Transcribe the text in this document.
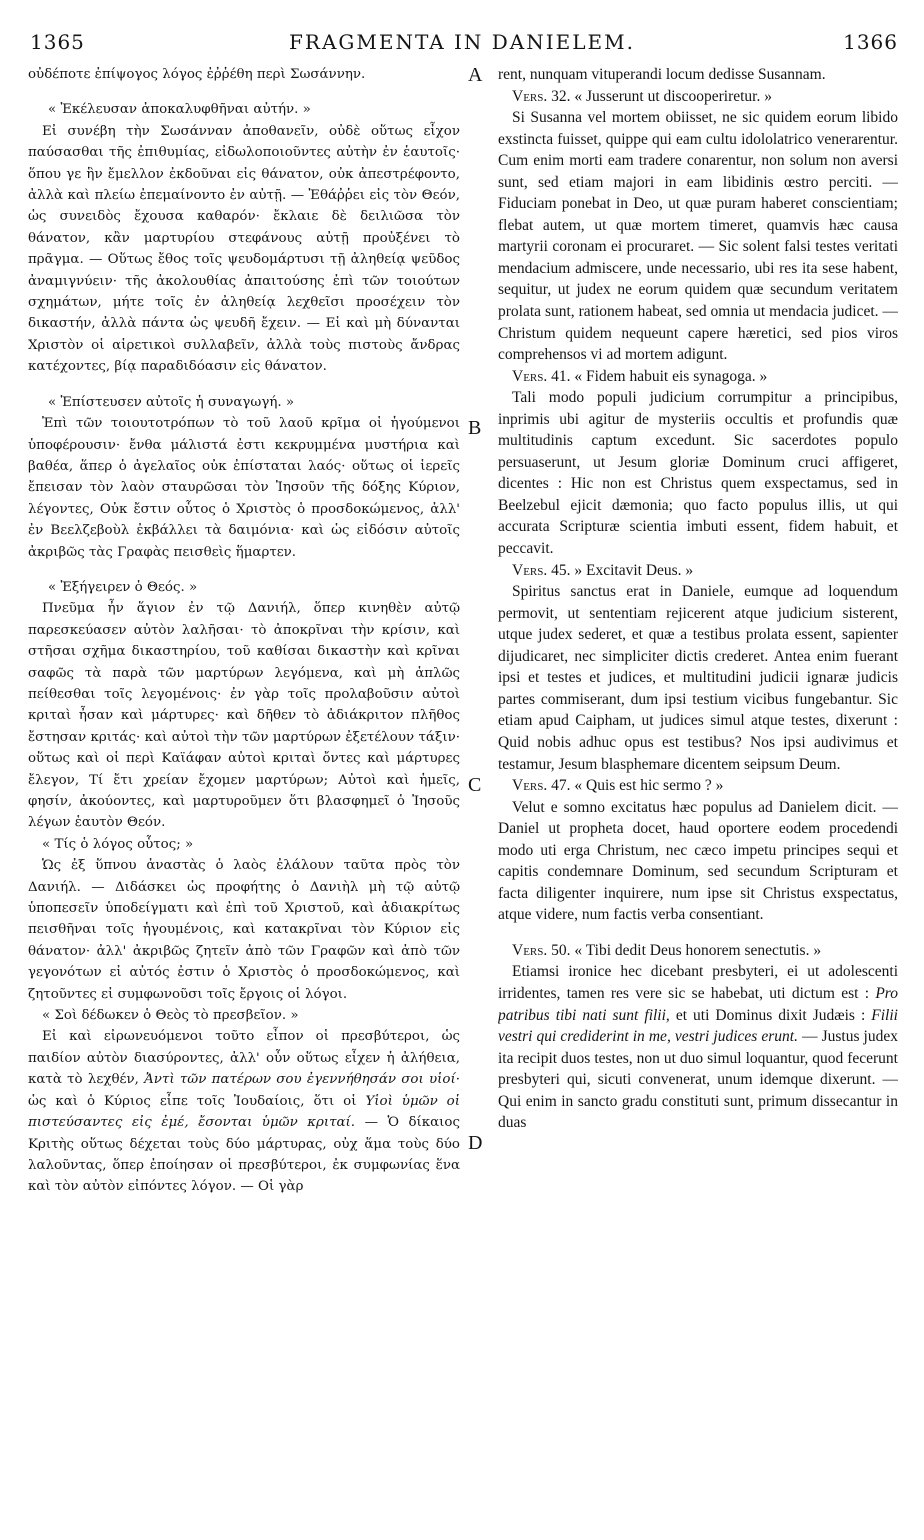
1365	FRAGMENTA IN DANIELEM.	1366

οὐδέποτε ἐπίψογος λόγος ἐῤῥέθη περὶ Σωσάννην.

« Ἐκέλευσαν ἀποκαλυφθῆναι αὐτήν. »

Εἰ συνέβη τὴν Σωσάνναν ἀποθανεῖν, οὐδὲ οὕτως εἶχον παύσασθαι τῆς ἐπιθυμίας, εἰδωλοποιοῦντες αὐτὴν ἐν ἑαυτοῖς· ὅπου γε ἣν ἔμελλον ἐκδοῦναι εἰς θάνατον, οὐκ ἀπεστρέφοντο, ἀλλὰ καὶ πλείω ἐπεμαίνοντο ἐν αὐτῇ. — Ἐθάῤῥει εἰς τὸν Θεόν, ὡς συνειδὸς ἔχουσα καθαρόν· ἔκλαιε δὲ δειλιῶσα τὸν θάνατον, κἂν μαρτυρίου στεφάνους αὐτῇ προὐξένει τὸ πρᾶγμα. — Οὕτως ἔθος τοῖς ψευδομάρτυσι τῇ ἀληθείᾳ ψεῦδος ἀναμιγνύειν· τῆς ἀκολουθίας ἀπαιτούσης ἐπὶ τῶν τοιούτων σχημάτων, μήτε τοῖς ἐν ἀληθείᾳ λεχθεῖσι προσέχειν τὸν δικαστήν, ἀλλὰ πάντα ὡς ψευδῆ ἔχειν. — Εἰ καὶ μὴ δύνανται Χριστὸν οἱ αἱρετικοὶ συλλαβεῖν, ἀλλὰ τοὺς πιστοὺς ἄνδρας κατέχοντες, βίᾳ παραδιδόασιν εἰς θάνατον.

« Ἐπίστευσεν αὐτοῖς ἡ συναγωγή. »

Ἐπὶ τῶν τοιουτοτρόπων τὸ τοῦ λαοῦ κρῖμα οἱ ἡγούμενοι ὑποφέρουσιν· ἔνθα μάλιστά ἐστι κεκρυμμένα μυστήρια καὶ βαθέα, ἅπερ ὁ ἀγελαῖος οὐκ ἐπίσταται λαός· οὕτως οἱ ἱερεῖς ἔπεισαν τὸν λαὸν σταυρῶσαι τὸν Ἰησοῦν τῆς δόξης Κύριον, λέγοντες, Οὐκ ἔστιν οὗτος ὁ Χριστὸς ὁ προσδοκώμενος, ἀλλ' ἐν Βεελζεβοὺλ ἐκβάλλει τὰ δαιμόνια· καὶ ὡς εἰδόσιν αὐτοῖς ἀκριβῶς τὰς Γραφὰς πεισθεὶς ἥμαρτεν.

« Ἐξήγειρεν ὁ Θεός. »

Πνεῦμα ἦν ἅγιον ἐν τῷ Δανιήλ, ὅπερ κινηθὲν αὐτῷ παρεσκεύασεν αὐτὸν λαλῆσαι· τὸ ἀποκρῖναι τὴν κρίσιν, καὶ στῆσαι σχῆμα δικαστηρίου, τοῦ καθίσαι δικαστὴν καὶ κρῖναι σαφῶς τὰ παρὰ τῶν μαρτύρων λεγόμενα, καὶ μὴ ἁπλῶς πείθεσθαι τοῖς λεγομένοις· ἐν γὰρ τοῖς προλαβοῦσιν αὐτοὶ κριταὶ ἦσαν καὶ μάρτυρες· καὶ δῆθεν τὸ ἀδιάκριτον πλῆθος ἔστησαν κριτάς· καὶ αὐτοὶ τὴν τῶν μαρτύρων ἐξετέλουν τάξιν· οὕτως καὶ οἱ περὶ Καϊάφαν αὐτοὶ κριταὶ ὄντες καὶ μάρτυρες ἔλεγον, Τί ἔτι χρείαν ἔχομεν μαρτύρων; Αὐτοὶ καὶ ἡμεῖς, φησίν, ἀκούοντες, καὶ μαρτυροῦμεν ὅτι βλασφημεῖ ὁ Ἰησοῦς λέγων ἑαυτὸν Θεόν.

« Τίς ὁ λόγος οὗτος; »

Ὡς ἐξ ὕπνου ἀναστὰς ὁ λαὸς ἐλάλουν ταῦτα πρὸς τὸν Δανιήλ. — Διδάσκει ὡς προφήτης ὁ Δανιὴλ μὴ τῷ αὐτῷ ὑποπεσεῖν ὑποδείγματι καὶ ἐπὶ τοῦ Χριστοῦ, καὶ ἀδιακρίτως πεισθῆναι τοῖς ἡγουμένοις, καὶ κατακρῖναι τὸν Κύριον εἰς θάνατον· ἀλλ' ἀκριβῶς ζητεῖν ἀπὸ τῶν Γραφῶν καὶ ἀπὸ τῶν γεγονότων εἰ αὐτός ἐστιν ὁ Χριστὸς ὁ προσδοκώμενος, καὶ ζητοῦντες εἰ συμφωνοῦσι τοῖς ἔργοις οἱ λόγοι.

« Σοὶ δέδωκεν ὁ Θεὸς τὸ πρεσβεῖον. »

Εἰ καὶ εἰρωνευόμενοι τοῦτο εἶπον οἱ πρεσβύτεροι, ὡς παιδίον αὐτὸν διασύροντες, ἀλλ' οὖν οὕτως εἶχεν ἡ ἀλήθεια, κατὰ τὸ λεχθέν, Ἀντὶ τῶν πατέρων σου ἐγεννήθησάν σοι υἱοί· ὡς καὶ ὁ Κύριος εἶπε τοῖς Ἰουδαίοις, ὅτι οἱ Υἱοὶ ὑμῶν οἱ πιστεύσαντες εἰς ἐμέ, ἔσονται ὑμῶν κριταί. — Ὁ δίκαιος Κριτὴς οὕτως δέχεται τοὺς δύο μάρτυρας, οὐχ ἅμα τοὺς δύο λαλοῦντας, ὅπερ ἐποίησαν οἱ πρεσβύτεροι, ἐκ συμφωνίας ἕνα καὶ τὸν αὐτὸν εἰπόντες λόγον. — Οἱ γὰρ

A
B
C
D

rent, nunquam vituperandi locum dedisse Susannam.

Vers. 32. « Jusserunt ut discooperiretur. »

Si Susanna vel mortem obiisset, ne sic quidem eorum libido exstincta fuisset, quippe qui eam cultu idololatrico venerarentur. Cum enim morti eam tradere conarentur, non solum non aversi sunt, sed etiam majori in eam libidinis œstro perciti. — Fiduciam ponebat in Deo, ut quæ puram haberet conscientiam; flebat autem, ut quæ mortem timeret, quamvis hæc causa martyrii coronam ei procuraret. — Sic solent falsi testes veritati mendacium admiscere, unde necessario, ubi res ita sese habent, sequitur, ut judex ne eorum quidem quæ secundum veritatem prolata sunt, rationem habeat, sed omnia ut mendacia judicet. — Christum quidem nequeunt capere hæretici, sed pios viros comprehensos vi ad mortem adigunt.

Vers. 41. « Fidem habuit eis synagoga. »

Tali modo populi judicium corrumpitur a principibus, inprimis ubi agitur de mysteriis occultis et profundis quæ multitudinis captum excedunt. Sic sacerdotes populo persuaserunt, ut Jesum gloriæ Dominum cruci affigeret, dicentes : Hic non est Christus quem exspectamus, sed in Beelzebul ejicit dæmonia; quo facto populus illis, ut qui accurata Scripturæ scientia imbuti essent, fidem habuit, et peccavit.

Vers. 45. » Excitavit Deus. »

Spiritus sanctus erat in Daniele, eumque ad loquendum permovit, ut sententiam rejicerent atque judicium sisterent, utque judex sederet, et quæ a testibus prolata essent, sapienter dijudicaret, nec simpliciter dictis crederet. Antea enim fuerant ipsi et testes et judices, et multitudini judicii ignaræ judicis partes commiserant, dum ipsi testium vicibus fungebantur. Sic etiam apud Caipham, ut judices simul atque testes, dixerunt : Quid nobis adhuc opus est testibus? Nos ipsi audivimus et testamur, Jesum blasphemare dicentem seipsum Deum.

Vers. 47. « Quis est hic sermo ? »

Velut e somno excitatus hæc populus ad Danielem dicit. — Daniel ut propheta docet, haud oportere eodem procedendi modo uti erga Christum, nec cæco impetu principes sequi et capitis condemnare Dominum, sed secundum Scripturam et facta diligenter inquirere, num ipse sit Christus exspectatus, atque videre, num factis verba consentiant.

Vers. 50. « Tibi dedit Deus honorem senectutis. »

Etiamsi ironice hec dicebant presbyteri, ei ut adolescenti irridentes, tamen res vere sic se habebat, uti dictum est : Pro patribus tibi nati sunt filii, et uti Dominus dixit Judæis : Filii vestri qui crediderint in me, vestri judices erunt. — Justus judex ita recipit duos testes, non ut duo simul loquantur, quod fecerunt presbyteri qui, sicuti convenerat, unum idemque dixerunt. — Qui enim in sancto gradu constituti sunt, primum dissecantur in duas
